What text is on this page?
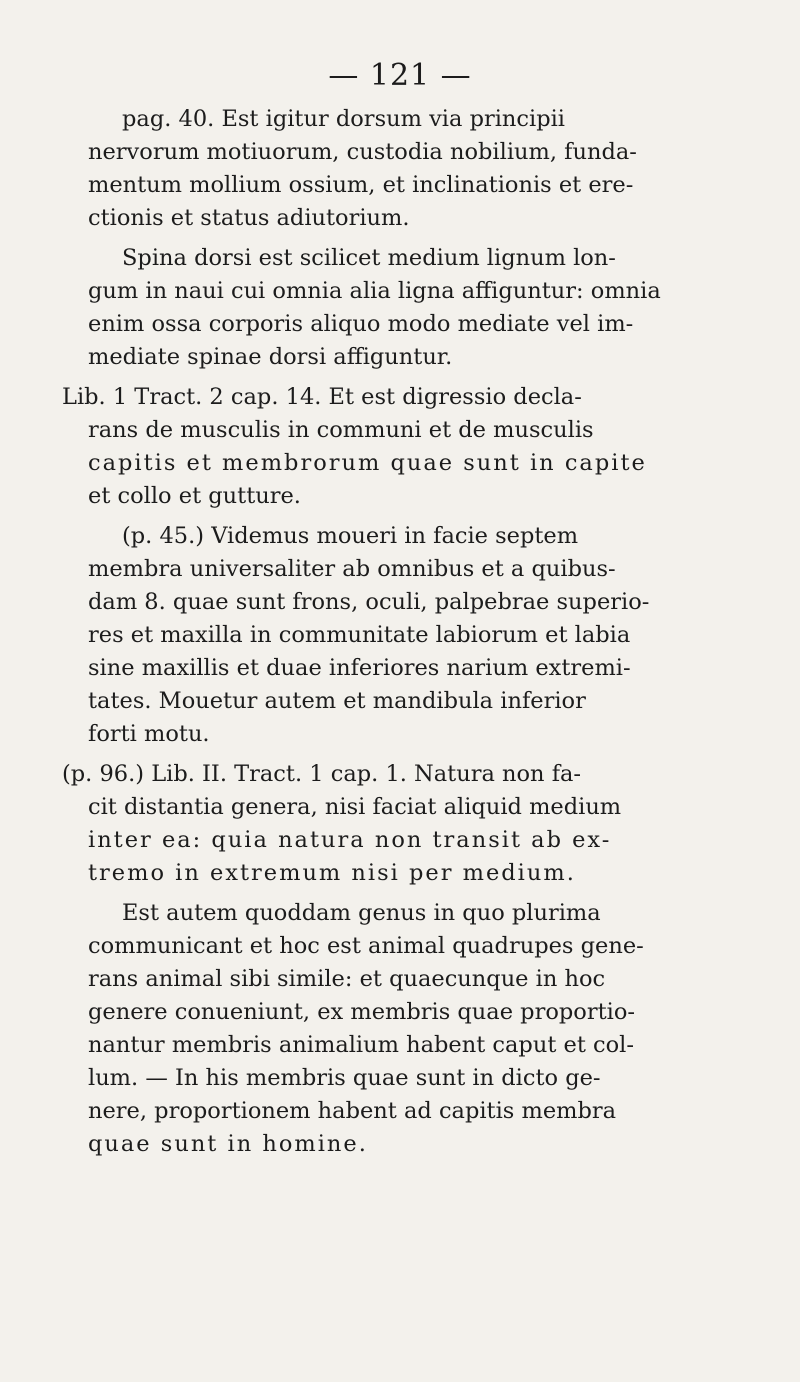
— 121 —
pag. 40. Est igitur dorsum via principii
nervorum motiuorum, custodia nobilium, funda-
mentum mollium ossium, et inclinationis et ere-
ctionis et status adiutorium.
Spina dorsi est scilicet medium lignum lon-
gum in naui cui omnia alia ligna affiguntur: omnia
enim ossa corporis aliquo modo mediate vel im-
mediate spinae dorsi affiguntur.
Lib. 1 Tract. 2 cap. 14. Et est digressio decla-
rans de musculis in communi et de musculis
capitis et membrorum quae sunt in capite
et collo et gutture.
(p. 45.) Videmus moueri in facie septem
membra universaliter ab omnibus et a quibus-
dam 8. quae sunt frons, oculi, palpebrae superio-
res et maxilla in communitate labiorum et labia
sine maxillis et duae inferiores narium extremi-
tates. Mouetur autem et mandibula inferior
forti motu.
(p. 96.) Lib. II. Tract. 1 cap. 1. Natura non fa-
cit distantia genera, nisi faciat aliquid medium
inter ea: quia natura non transit ab ex-
tremo in extremum nisi per medium.
Est autem quoddam genus in quo plurima
communicant et hoc est animal quadrupes gene-
rans animal sibi simile: et quaecunque in hoc
genere conueniunt, ex membris quae proportio-
nantur membris animalium habent caput et col-
lum. — In his membris quae sunt in dicto ge-
nere, proportionem habent ad capitis membra
quae sunt in homine.
